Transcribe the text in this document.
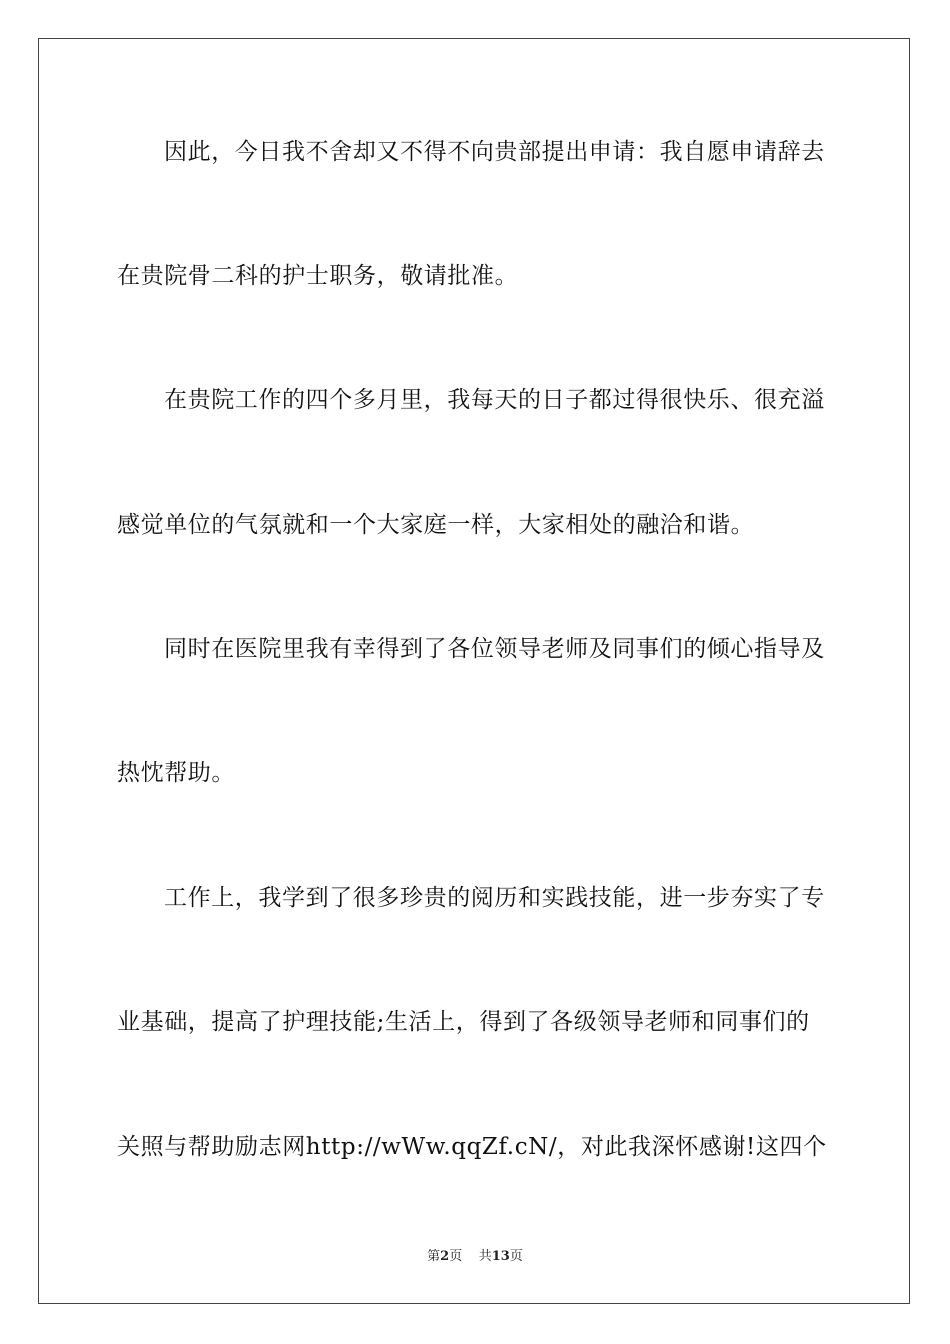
因此，今日我不舍却又不得不向贵部提出申请：我自愿申请辞去
在贵院骨二科的护士职务，敬请批准。
在贵院工作的四个多月里，我每天的日子都过得很快乐、很充溢
感觉单位的气氛就和一个大家庭一样，大家相处的融洽和谐。
同时在医院里我有幸得到了各位领导老师及同事们的倾心指导及
热忱帮助。
工作上，我学到了很多珍贵的阅历和实践技能，进一步夯实了专
业基础，提高了护理技能;生活上，得到了各级领导老师和同事们的
关照与帮助励志网http://wWw.qqZf.cN/，对此我深怀感谢!这四个
第2页 共13页
